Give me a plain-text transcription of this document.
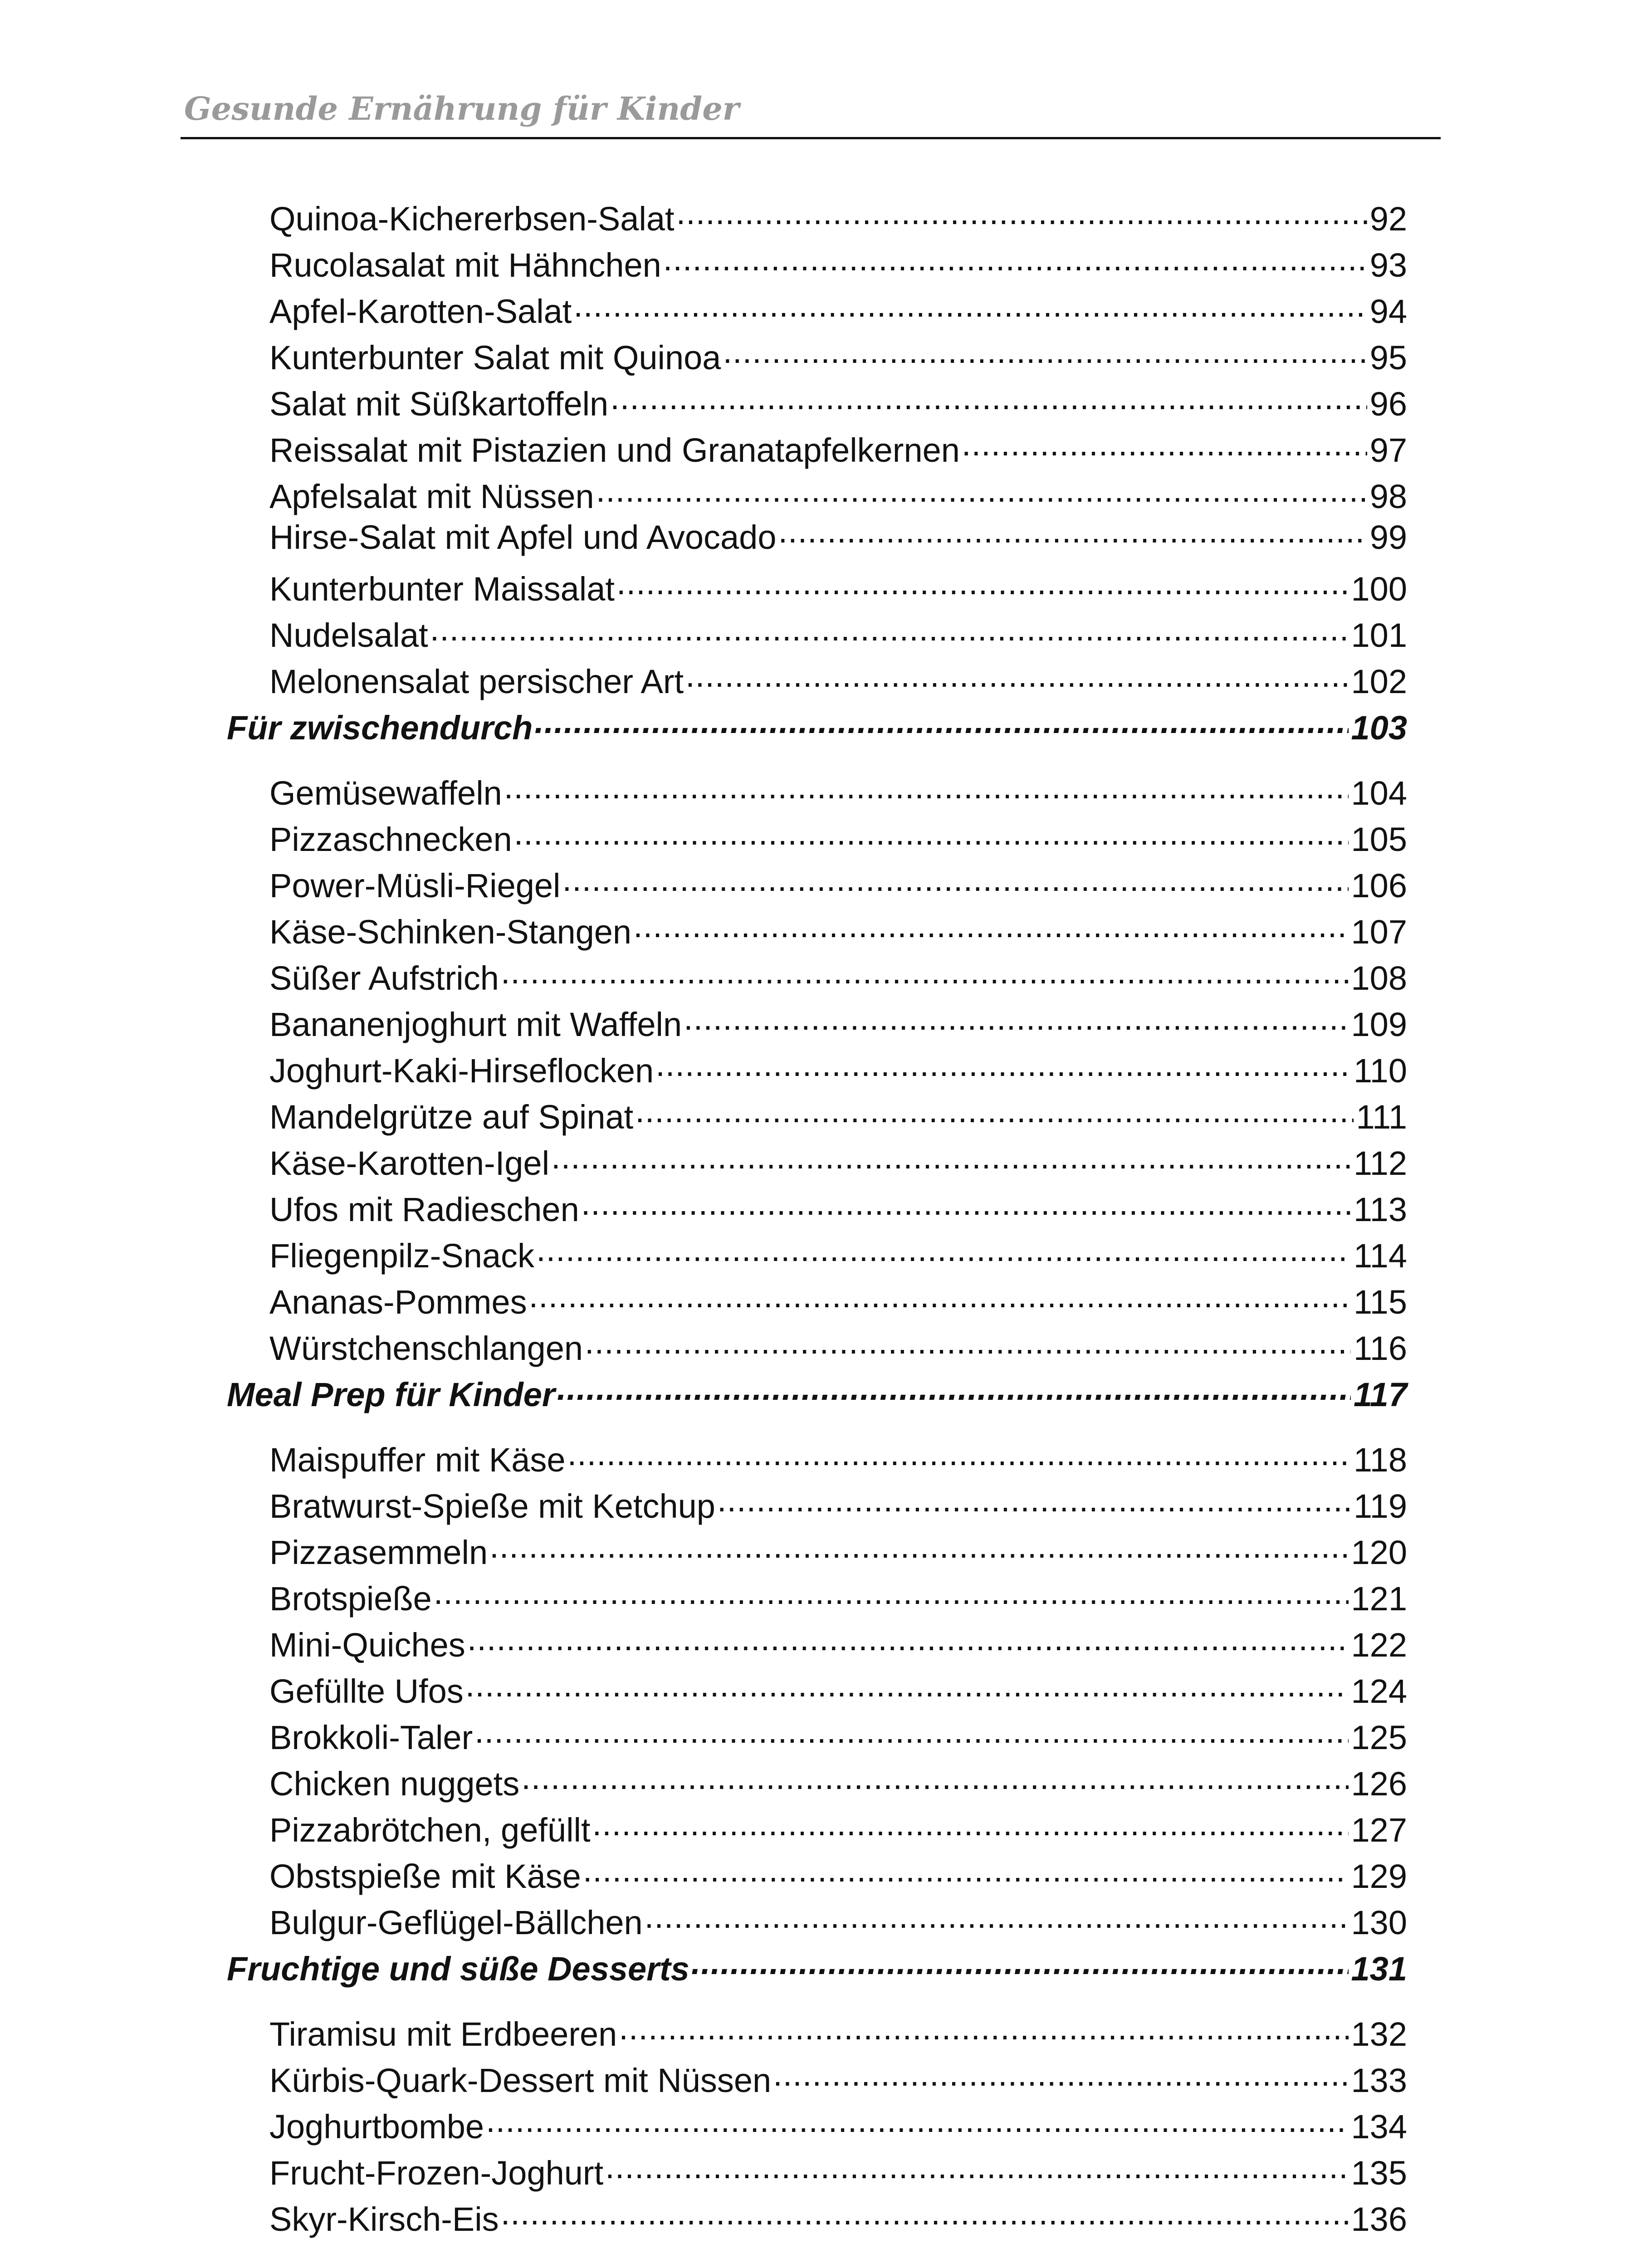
Gesunde Ernährung für Kinder
Quinoa-Kichererbsen-Salat .....	92
Rucolasalat mit Hähnchen .....	93
Apfel-Karotten-Salat .....	94
Kunterbunter Salat mit Quinoa .....	95
Salat mit Süßkartoffeln .....	96
Reissalat mit Pistazien und Granatapfelkernen .....	97
Apfelsalat mit Nüssen .....	98
Hirse-Salat mit Apfel und Avocado .....	99
Kunterbunter Maissalat .....	100
Nudelsalat .....	101
Melonensalat persischer Art .....	102
Für zwischendurch .....	103
Gemüsewaffeln .....	104
Pizzaschnecken .....	105
Power-Müsli-Riegel .....	106
Käse-Schinken-Stangen .....	107
Süßer Aufstrich .....	108
Bananenjoghurt mit Waffeln .....	109
Joghurt-Kaki-Hirseflocken .....	110
Mandelgrütze auf Spinat .....	111
Käse-Karotten-Igel .....	112
Ufos mit Radieschen .....	113
Fliegenpilz-Snack .....	114
Ananas-Pommes .....	115
Würstchenschlangen .....	116
Meal Prep für Kinder .....	117
Maispuffer mit Käse .....	118
Bratwurst-Spieße mit Ketchup .....	119
Pizzasemmeln .....	120
Brotspieße .....	121
Mini-Quiches .....	122
Gefüllte Ufos .....	124
Brokkoli-Taler .....	125
Chicken nuggets .....	126
Pizzabrötchen, gefüllt .....	127
Obstspieße mit Käse .....	129
Bulgur-Geflügel-Bällchen .....	130
Fruchtige und süße Desserts .....	131
Tiramisu mit Erdbeeren .....	132
Kürbis-Quark-Dessert mit Nüssen .....	133
Joghurtbombe .....	134
Frucht-Frozen-Joghurt .....	135
Skyr-Kirsch-Eis .....	136
